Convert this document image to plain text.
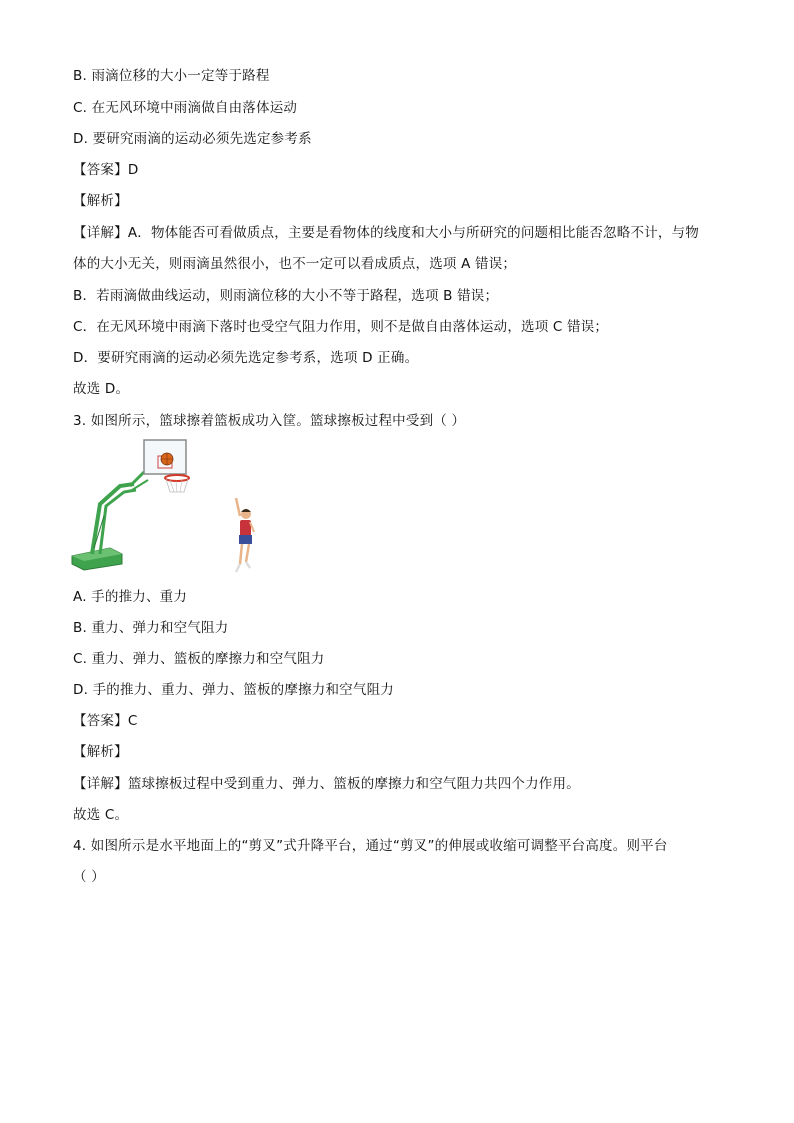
B. 雨滴位移的大小一定等于路程
C. 在无风环境中雨滴做自由落体运动
D. 要研究雨滴的运动必须先选定参考系
【答案】D
【解析】
【详解】A．物体能否可看做质点，主要是看物体的线度和大小与所研究的问题相比能否忽略不计，与物
体的大小无关，则雨滴虽然很小，也不一定可以看成质点，选项 A 错误；
B．若雨滴做曲线运动，则雨滴位移的大小不等于路程，选项 B 错误；
C．在无风环境中雨滴下落时也受空气阻力作用，则不是做自由落体运动，选项 C 错误；
D．要研究雨滴的运动必须先选定参考系，选项 D 正确。
故选 D。
3. 如图所示，篮球擦着篮板成功入筐。篮球擦板过程中受到（ ）
A. 手的推力、重力
B. 重力、弹力和空气阻力
C. 重力、弹力、篮板的摩擦力和空气阻力
D. 手的推力、重力、弹力、篮板的摩擦力和空气阻力
【答案】C
【解析】
【详解】篮球擦板过程中受到重力、弹力、篮板的摩擦力和空气阻力共四个力作用。
故选 C。
4. 如图所示是水平地面上的“剪叉”式升降平台，通过“剪叉”的伸展或收缩可调整平台高度。则平台
（ ）
